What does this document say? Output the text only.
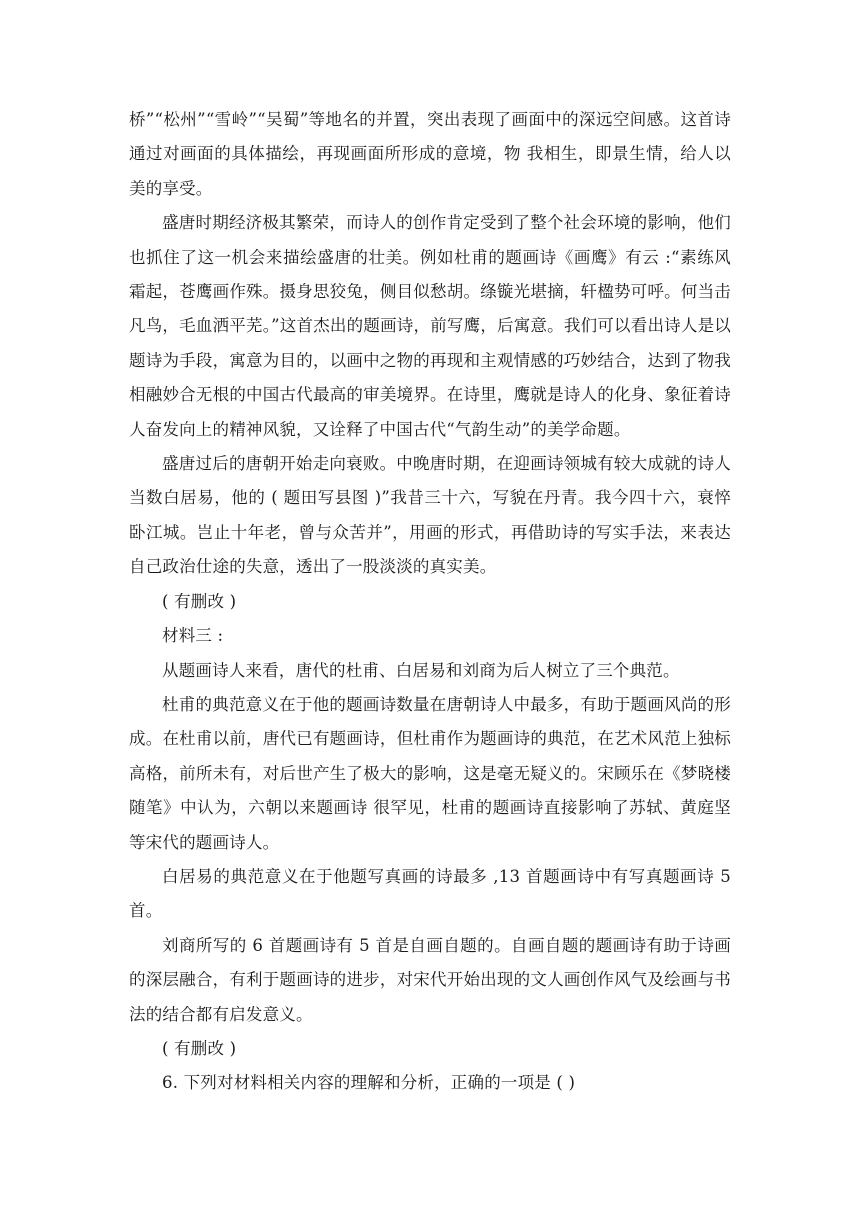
桥”“松州”“雪岭”“吴蜀”等地名的并置，突出表现了画面中的深远空间感。这首诗通过对画面的具体描绘，再现画面所形成的意境，物 我相生，即景生情，给人以美的享受。

盛唐时期经济极其繁荣，而诗人的创作肯定受到了整个社会环境的影响，他们也抓住了这一机会来描绘盛唐的壮美。例如杜甫的题画诗《画鹰》有云 :“素练风霜起，苍鹰画作殊。摄身思狡兔，侧目似愁胡。绦镟光堪摘，轩楹势可呼。何当击凡鸟，毛血洒平芜。”这首杰出的题画诗，前写鹰，后寓意。我们可以看出诗人是以题诗为手段，寓意为目的，以画中之物的再现和主观情感的巧妙结合，达到了物我相融妙合无根的中国古代最高的审美境界。在诗里，鹰就是诗人的化身、象征着诗人奋发向上的精神风貌，又诠释了中国古代“气韵生动”的美学命题。

盛唐过后的唐朝开始走向衰败。中晚唐时期，在迎画诗领城有较大成就的诗人当数白居易，他的 ( 题田写县图 )”我昔三十六，写貌在丹青。我今四十六，衰悴卧江城。岂止十年老，曾与众苦并”，用画的形式，再借助诗的写实手法，来表达自己政治仕途的失意，透出了一股淡淡的真实美。

( 有删改 )

材料三 :

从题画诗人来看，唐代的杜甫、白居易和刘商为后人树立了三个典范。

杜甫的典范意义在于他的题画诗数量在唐朝诗人中最多，有助于题画风尚的形成。在杜甫以前，唐代已有题画诗，但杜甫作为题画诗的典范，在艺术风范上独标高格，前所未有，对后世产生了极大的影响，这是毫无疑义的。宋顾乐在《梦晓楼随笔》中认为，六朝以来题画诗 很罕见，杜甫的题画诗直接影响了苏轼、黄庭坚等宋代的题画诗人。

白居易的典范意义在于他题写真画的诗最多 ,13 首题画诗中有写真题画诗 5 首。

刘商所写的 6 首题画诗有 5 首是自画自题的。自画自题的题画诗有助于诗画的深层融合，有利于题画诗的进步，对宋代开始出现的文人画创作风气及绘画与书法的结合都有启发意义。

( 有删改 )

6. 下列对材料相关内容的理解和分析，正确的一项是 ( )
